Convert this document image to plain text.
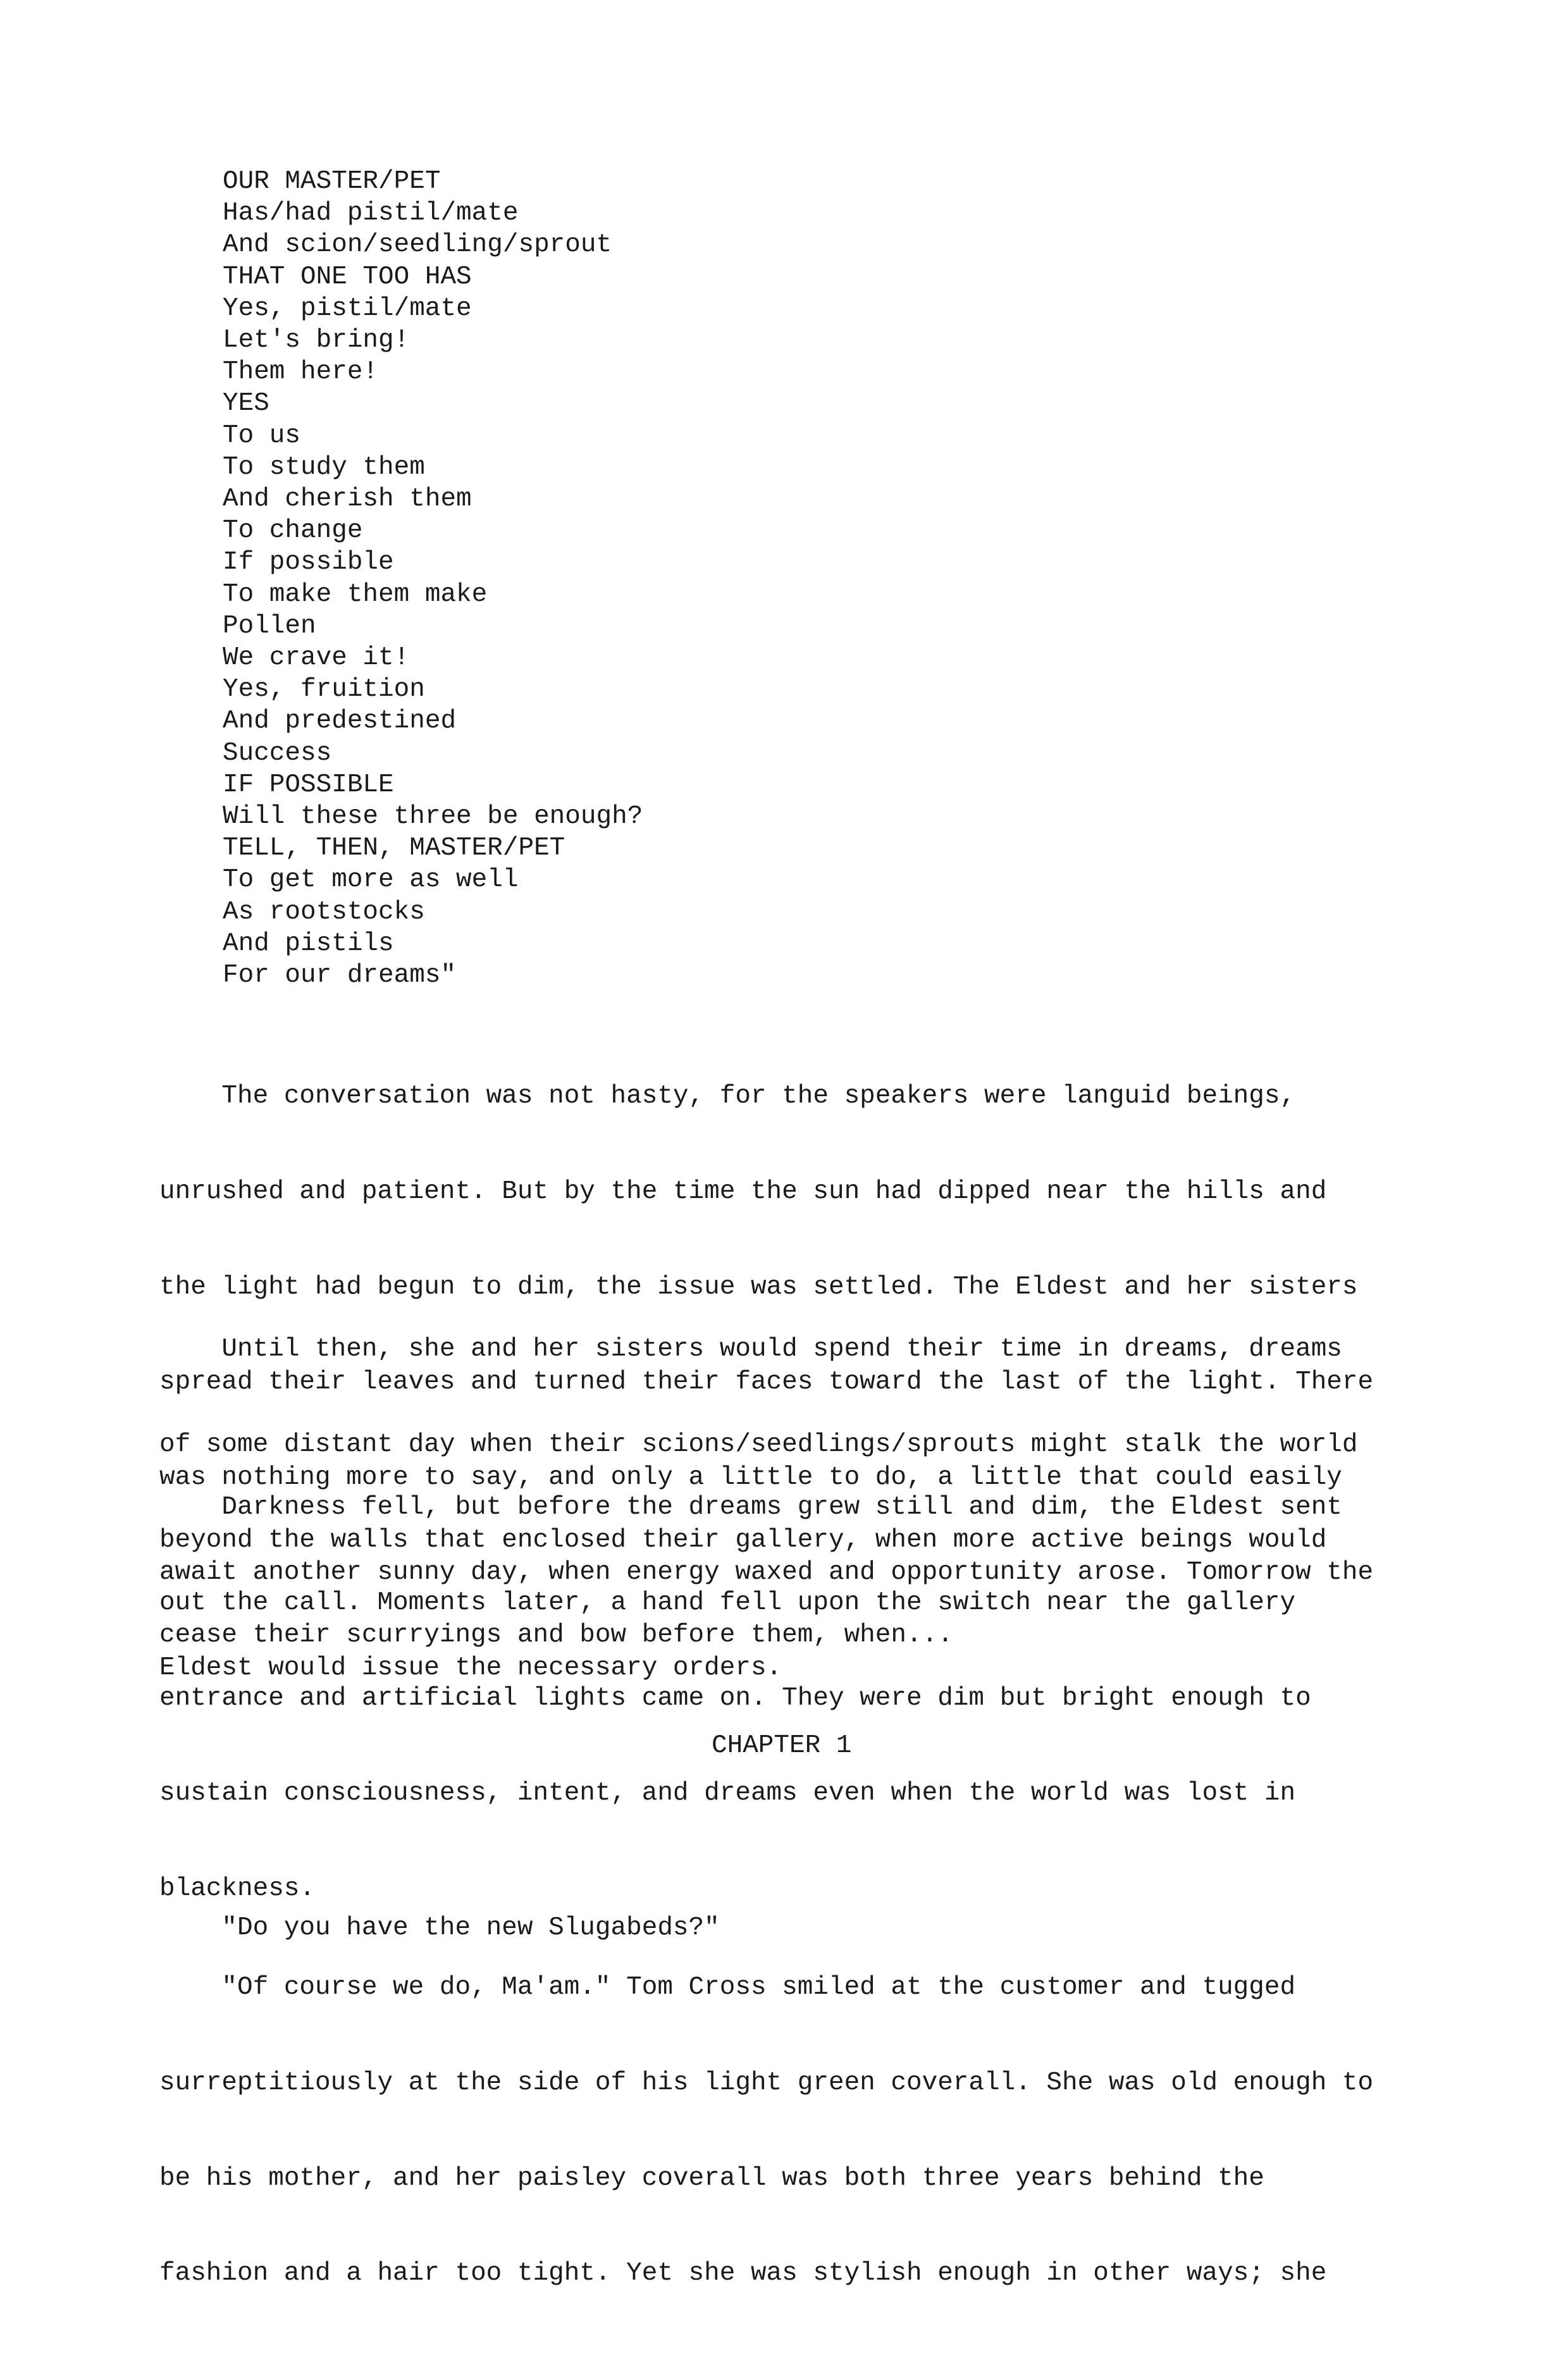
OUR MASTER/PET
Has/had pistil/mate
And scion/seedling/sprout
THAT ONE TOO HAS
Yes, pistil/mate
Let's bring!
Them here!
YES
To us
To study them
And cherish them
To change
If possible
To make them make
Pollen
We crave it!
Yes, fruition
And predestined
Success
IF POSSIBLE
Will these three be enough?
TELL, THEN, MASTER/PET
To get more as well
As rootstocks
And pistils
For our dreams"

The conversation was not hasty, for the speakers were languid beings,

unrushed and patient. But by the time the sun had dipped near the hills and

the light had begun to dim, the issue was settled. The Eldest and her sisters

spread their leaves and turned their faces toward the last of the light. There

was nothing more to say, and only a little to do, a little that could easily

await another sunny day, when energy waxed and opportunity arose. Tomorrow the

Eldest would issue the necessary orders.

Until then, she and her sisters would spend their time in dreams, dreams

of some distant day when their scions/seedlings/sprouts might stalk the world

beyond the walls that enclosed their gallery, when more active beings would

cease their scurryings and bow before them, when...

Darkness fell, but before the dreams grew still and dim, the Eldest sent

out the call. Moments later, a hand fell upon the switch near the gallery

entrance and artificial lights came on. They were dim but bright enough to

sustain consciousness, intent, and dreams even when the world was lost in

blackness.

CHAPTER 1

"Do you have the new Slugabeds?"

"Of course we do, Ma'am." Tom Cross smiled at the customer and tugged

surreptitiously at the side of his light green coverall. She was old enough to

be his mother, and her paisley coverall was both three years behind the

fashion and a hair too tight. Yet she was stylish enough in other ways; she
